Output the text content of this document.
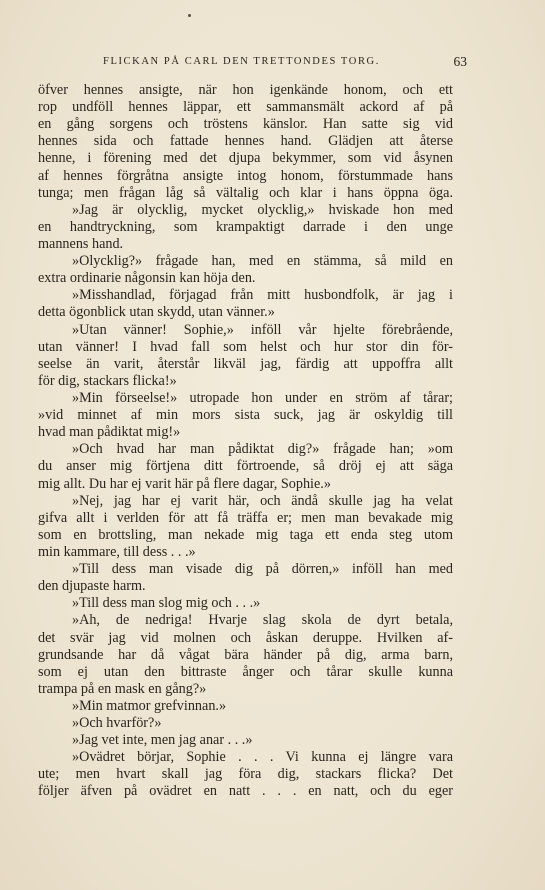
FLICKAN PÅ CARL DEN TRETTONDES TORG.	63
öfver hennes ansigte, när hon igenkände honom, och ett
rop undföll hennes läppar, ett sammansmält ackord af på
en gång sorgens och tröstens känslor. Han satte sig vid
hennes sida och fattade hennes hand. Glädjen att återse
henne, i förening med det djupa bekymmer, som vid åsynen
af hennes förgråtna ansigte intog honom, förstummade hans
tunga; men frågan låg så vältalig och klar i hans öppna öga.
»Jag är olycklig, mycket olycklig,» hviskade hon med
en handtryckning, som krampaktigt darrade i den unge
mannens hand.
»Olycklig?» frågade han, med en stämma, så mild en
extra ordinarie någonsin kan höja den.
»Misshandlad, förjagad från mitt husbondfolk, är jag i
detta ögonblick utan skydd, utan vänner.»
»Utan vänner! Sophie,» inföll vår hjelte förebrående,
utan vänner! I hvad fall som helst och hur stor din för-
seelse än varit, återstår likväl jag, färdig att uppoffra allt
för dig, stackars flicka!»
»Min förseelse!» utropade hon under en ström af tårar;
»vid minnet af min mors sista suck, jag är oskyldig till
hvad man pådiktat mig!»
»Och hvad har man pådiktat dig?» frågade han; »om
du anser mig förtjena ditt förtroende, så dröj ej att säga
mig allt. Du har ej varit här på flere dagar, Sophie.»
»Nej, jag har ej varit här, och ändå skulle jag ha velat
gifva allt i verlden för att få träffa er; men man bevakade mig
som en brottsling, man nekade mig taga ett enda steg utom
min kammare, till dess . . .»
»Till dess man visade dig på dörren,» inföll han med
den djupaste harm.
»Till dess man slog mig och . . .»
»Ah, de nedriga! Hvarje slag skola de dyrt betala,
det svär jag vid molnen och åskan deruppe. Hvilken af-
grundsande har då vågat bära händer på dig, arma barn,
som ej utan den bittraste ånger och tårar skulle kunna
trampa på en mask en gång?»
»Min matmor grefvinnan.»
»Och hvarför?»
»Jag vet inte, men jag anar . . .»
»Ovädret börjar, Sophie . . . Vi kunna ej längre vara
ute; men hvart skall jag föra dig, stackars flicka? Det
följer äfven på ovädret en natt . . . en natt, och du eger
